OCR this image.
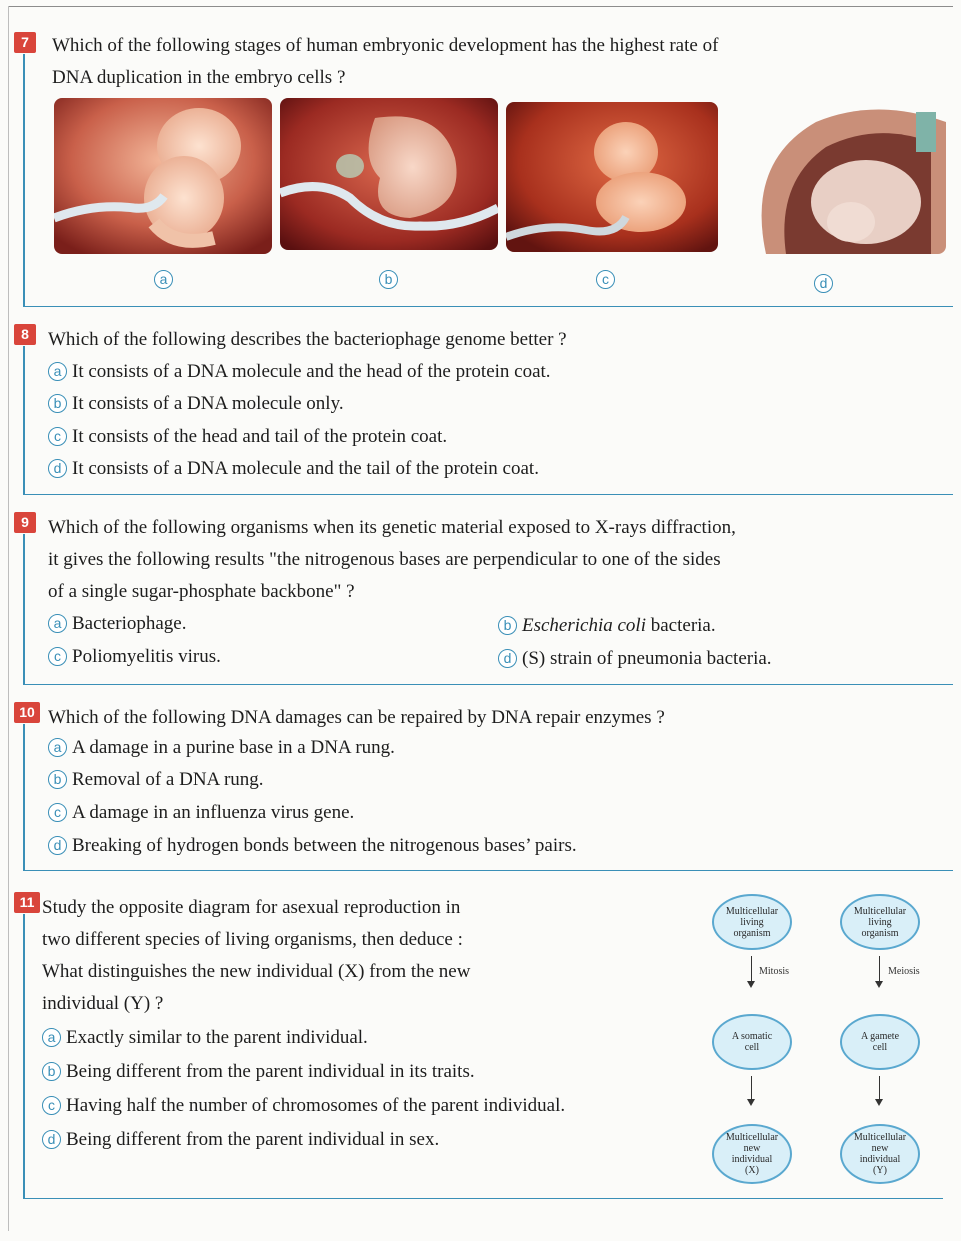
7	Which of the following stages of human embryonic development has the highest rate of
DNA duplication in the embryo cells ?
a	b	c	d
8	Which of the following describes the bacteriophage genome better ?
a It consists of a DNA molecule and the head of the protein coat.
b It consists of a DNA molecule only.
c It consists of the head and tail of the protein coat.
d It consists of a DNA molecule and the tail of the protein coat.
9	Which of the following organisms when its genetic material exposed to X-rays diffraction,
it gives the following results "the nitrogenous bases are perpendicular to one of the sides
of a single sugar-phosphate backbone" ?
a Bacteriophage.	b Escherichia coli bacteria.
c Poliomyelitis virus.	d (S) strain of pneumonia bacteria.
10 Which of the following DNA damages can be repaired by DNA repair enzymes ?
a A damage in a purine base in a DNA rung.
b Removal of a DNA rung.
c A damage in an influenza virus gene.
d Breaking of hydrogen bonds between the nitrogenous bases’ pairs.
11 Study the opposite diagram for asexual reproduction in
two different species of living organisms, then deduce :
What distinguishes the new individual (X) from the new
individual (Y) ?
a Exactly similar to the parent individual.
b Being different from the parent individual in its traits.
c Having half the number of chromosomes of the parent individual.
d Being different from the parent individual in sex.
Multicellular
living
organism
Mitosis
A somatic
cell
Multicellular
new
individual
(X)
Multicellular
living
organism
Meiosis
A gamete
cell
Multicellular
new
individual
(Y)
